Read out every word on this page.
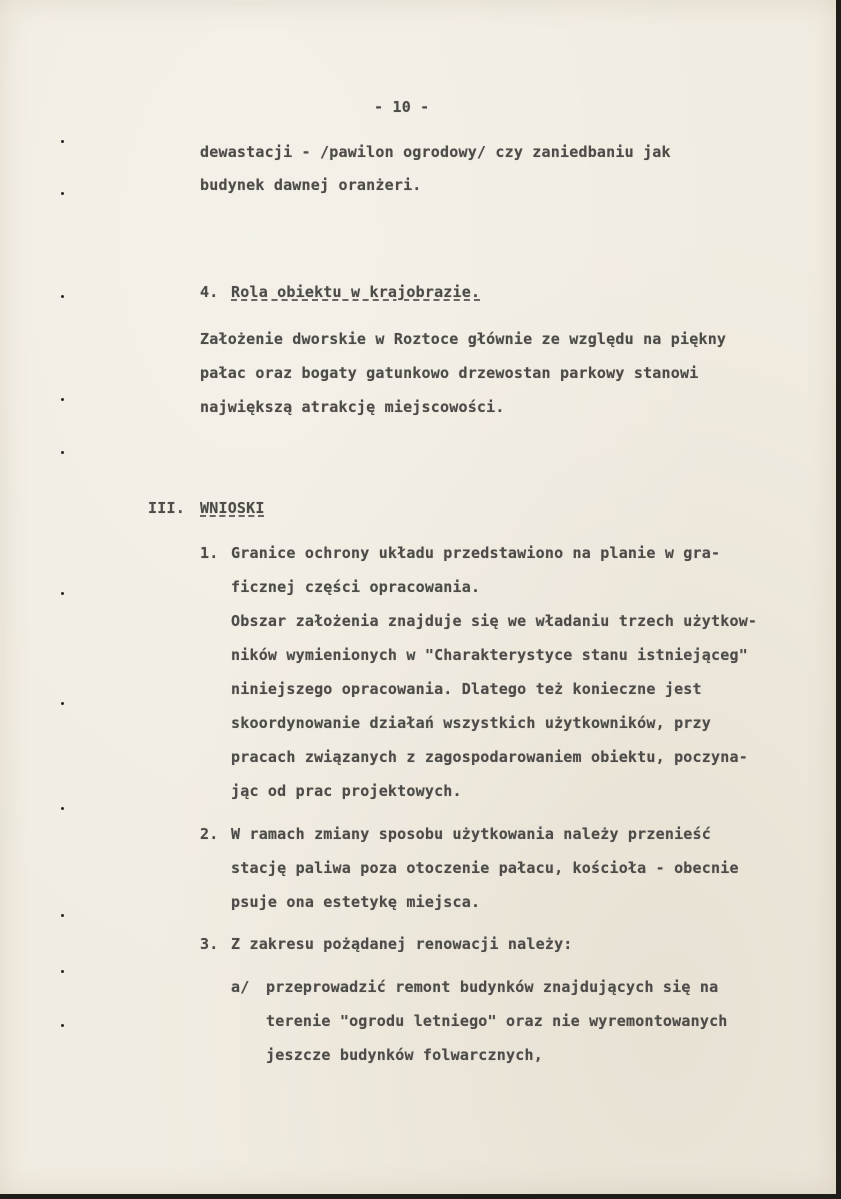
- 10 -

dewastacji - /pawilon ogrodowy/ czy zaniedbaniu jak

budynek dawnej oranżeri.

4. Rola obiektu w krajobrazie.

Założenie dworskie w Roztoce głównie ze względu na piękny

pałac oraz bogaty gatunkowo drzewostan parkowy stanowi

największą atrakcję miejscowości.

III. WNIOSKI

1. Granice ochrony układu przedstawiono na planie w gra-

ficznej części opracowania.

Obszar założenia znajduje się we władaniu trzech użytkow-

ników wymienionych w "Charakterystyce stanu istniejąceg"

niniejszego opracowania. Dlatego też konieczne jest

skoordynowanie działań wszystkich użytkowników, przy

pracach związanych z zagospodarowaniem obiektu, poczyna-

jąc od prac projektowych.

2. W ramach zmiany sposobu użytkowania należy przenieść

stację paliwa poza otoczenie pałacu, kościoła - obecnie

psuje ona estetykę miejsca.

3. Z zakresu pożądanej renowacji należy:

a/ przeprowadzić remont budynków znajdujących się na

terenie "ogrodu letniego" oraz nie wyremontowanych

jeszcze budynków folwarcznych,
